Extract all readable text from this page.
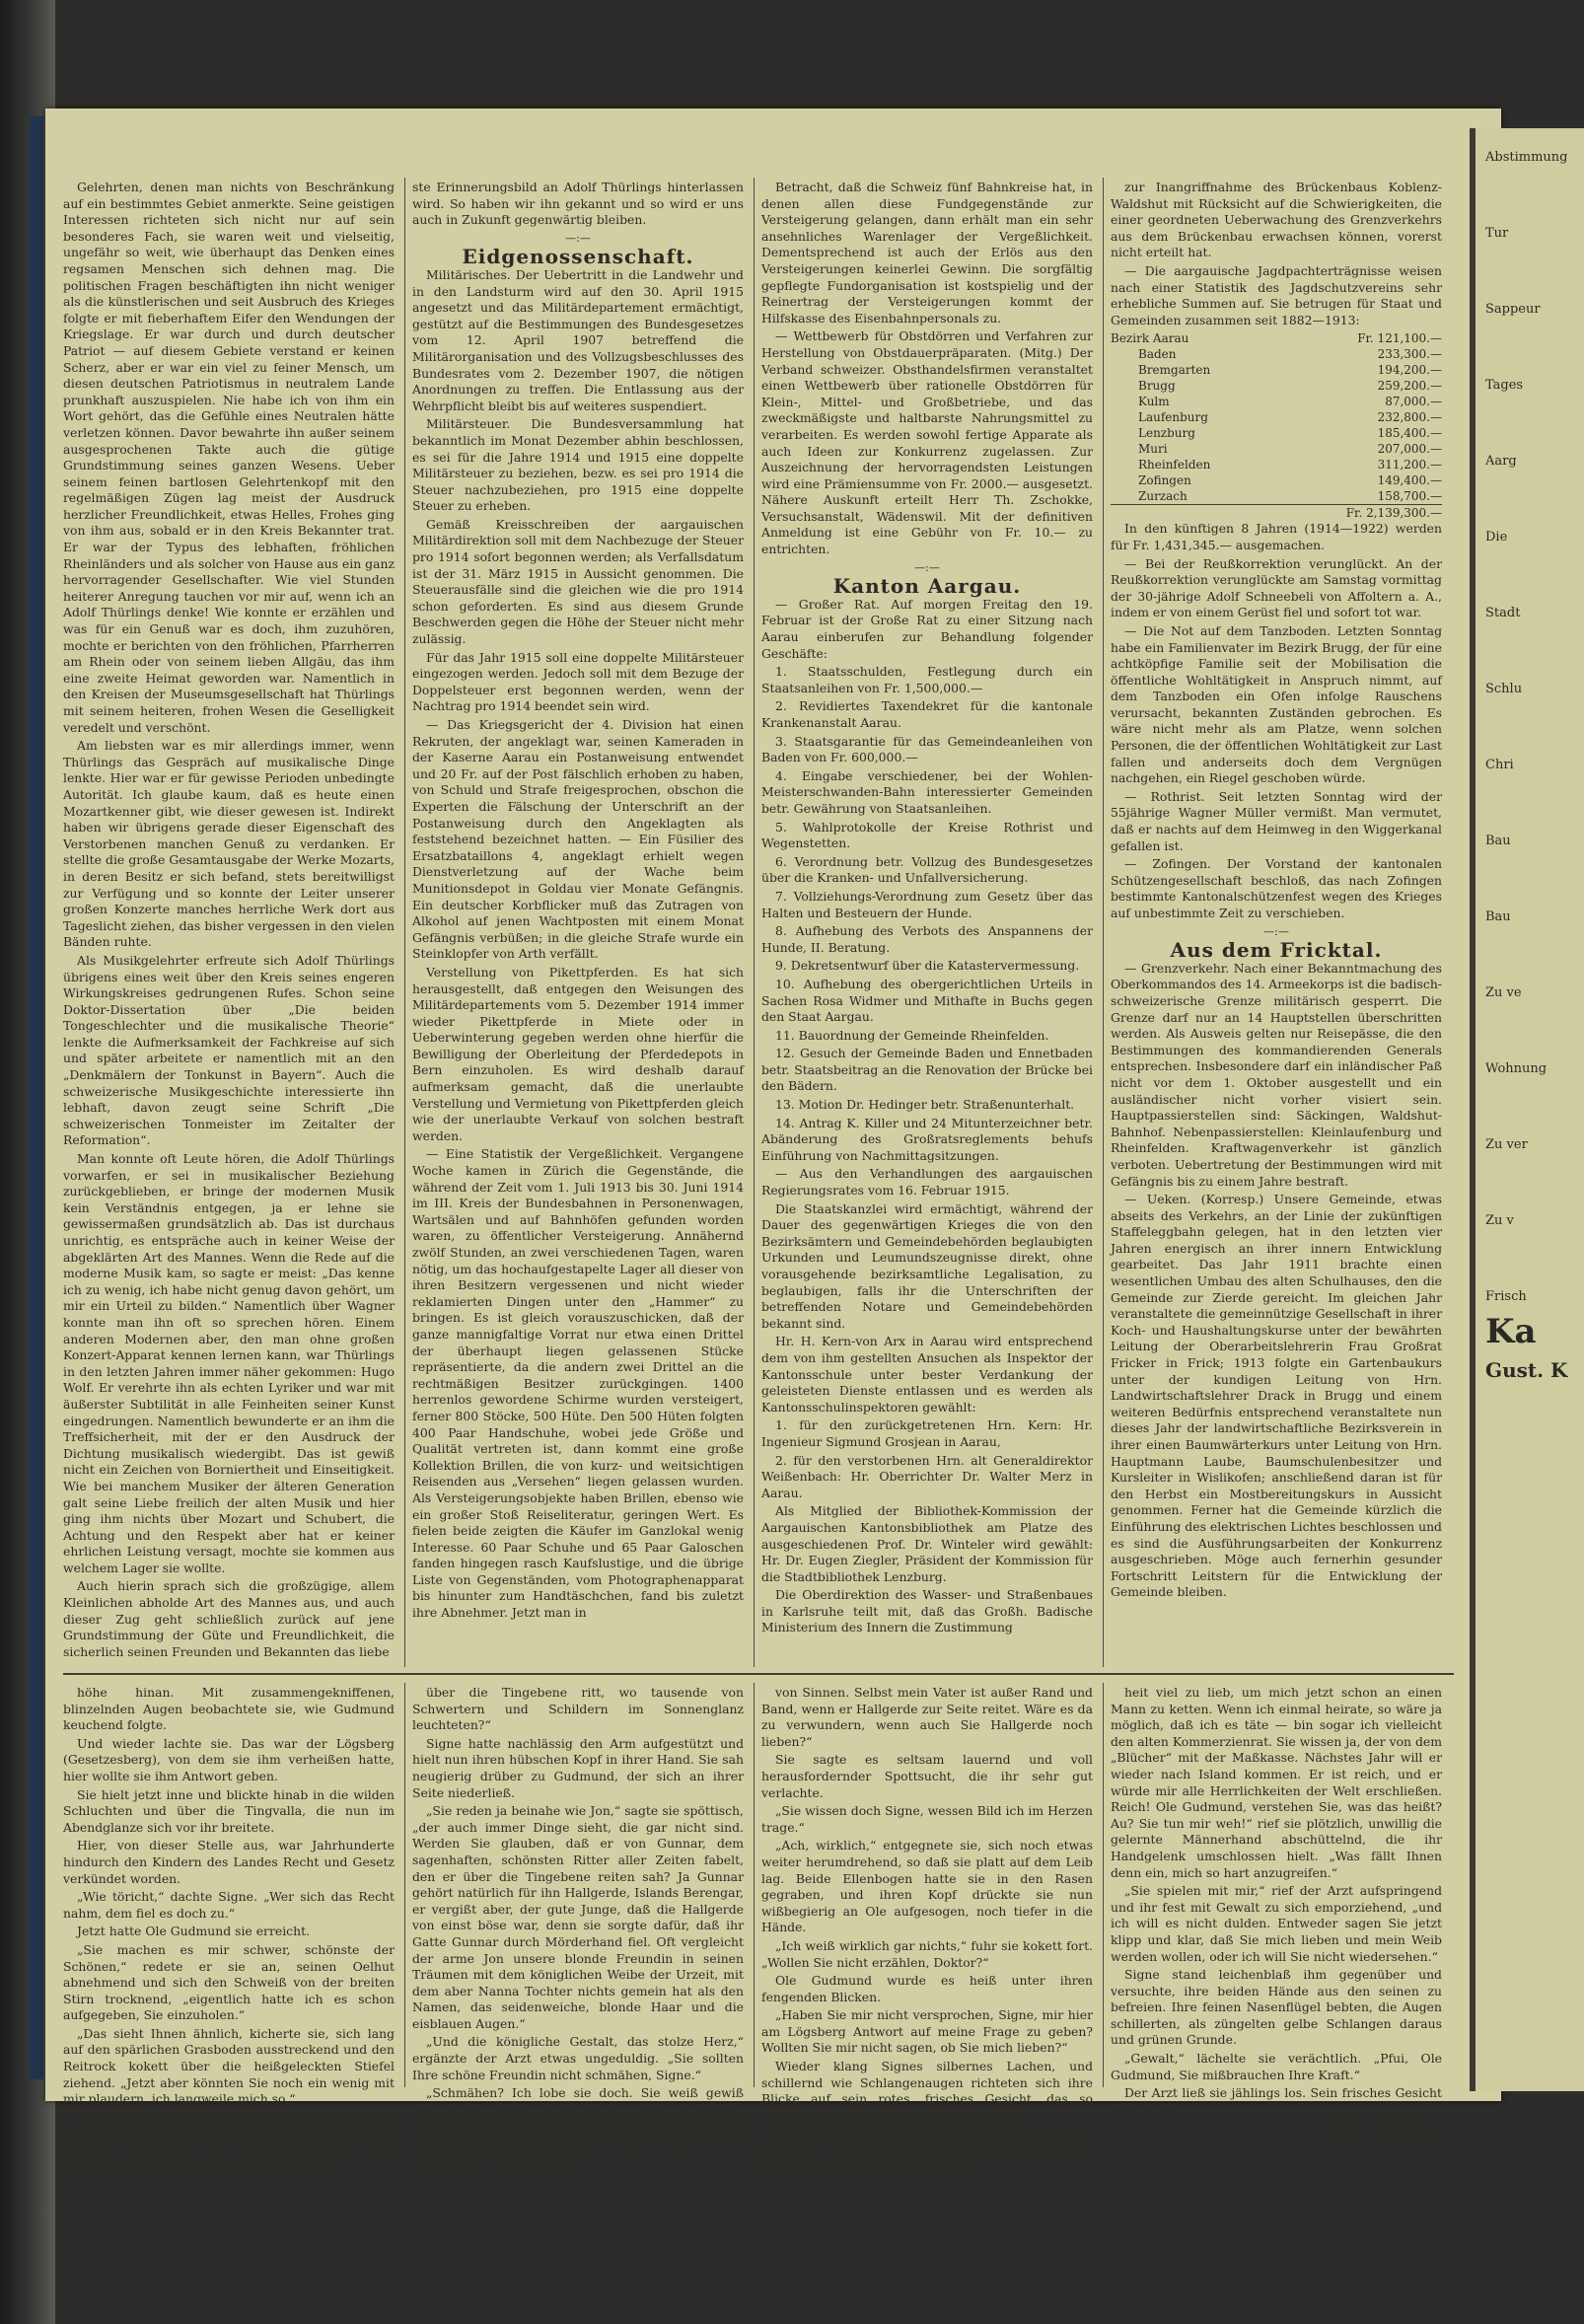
Gelehrten, denen man nichts von Beschränkung auf ein bestimmtes Gebiet anmerkte. Seine geistigen Interessen richteten sich nicht nur auf sein besonderes Fach, sie waren weit und vielseitig, ungefähr so weit, wie überhaupt das Denken eines regsamen Menschen sich dehnen mag. Die politischen Fragen beschäftigten ihn nicht weniger als die künstlerischen und seit Ausbruch des Krieges folgte er mit fieberhaftem Eifer den Wendungen der Kriegslage. Er war durch und durch deutscher Patriot — auf diesem Gebiete verstand er keinen Scherz, aber er war ein viel zu feiner Mensch, um diesen deutschen Patriotismus in neutralem Lande prunkhaft auszuspielen. Nie habe ich von ihm ein Wort gehört, das die Gefühle eines Neutralen hätte verletzen können. Davor bewahrte ihn außer seinem ausgesprochenen Takte auch die gütige Grundstimmung seines ganzen Wesens. Ueber seinem feinen bartlosen Gelehrtenkopf mit den regelmäßigen Zügen lag meist der Ausdruck herzlicher Freundlichkeit, etwas Helles, Frohes ging von ihm aus, sobald er in den Kreis Bekannter trat. Er war der Typus des lebhaften, fröhlichen Rheinländers und als solcher von Hause aus ein ganz hervorragender Gesellschafter. Wie viel Stunden heiterer Anregung tauchen vor mir auf, wenn ich an Adolf Thürlings denke! Wie konnte er erzählen und was für ein Genuß war es doch, ihm zuzuhören, mochte er berichten von den fröhlichen, Pfarrherren am Rhein oder von seinem lieben Allgäu, das ihm eine zweite Heimat geworden war. Namentlich in den Kreisen der Museumsgesellschaft hat Thürlings mit seinem heiteren, frohen Wesen die Geselligkeit veredelt und verschönt.

Am liebsten war es mir allerdings immer, wenn Thürlings das Gespräch auf musikalische Dinge lenkte. Hier war er für gewisse Perioden unbedingte Autorität. Ich glaube kaum, daß es heute einen Mozartkenner gibt, wie dieser gewesen ist. Indirekt haben wir übrigens gerade dieser Eigenschaft des Verstorbenen manchen Genuß zu verdanken. Er stellte die große Gesamtausgabe der Werke Mozarts, in deren Besitz er sich befand, stets bereitwilligst zur Verfügung und so konnte der Leiter unserer großen Konzerte manches herrliche Werk dort aus Tageslicht ziehen, das bisher vergessen in den vielen Bänden ruhte.

Als Musikgelehrter erfreute sich Adolf Thürlings übrigens eines weit über den Kreis seines engeren Wirkungskreises gedrungenen Rufes. Schon seine Doktor-Dissertation über „Die beiden Tongeschlechter und die musikalische Theorie“ lenkte die Aufmerksamkeit der Fachkreise auf sich und später arbeitete er namentlich mit an den „Denkmälern der Tonkunst in Bayern“. Auch die schweizerische Musikgeschichte interessierte ihn lebhaft, davon zeugt seine Schrift „Die schweizerischen Tonmeister im Zeitalter der Reformation“.

Man konnte oft Leute hören, die Adolf Thürlings vorwarfen, er sei in musikalischer Beziehung zurückgeblieben, er bringe der modernen Musik kein Verständnis entgegen, ja er lehne sie gewissermaßen grundsätzlich ab. Das ist durchaus unrichtig, es entspräche auch in keiner Weise der abgeklärten Art des Mannes. Wenn die Rede auf die moderne Musik kam, so sagte er meist: „Das kenne ich zu wenig, ich habe nicht genug davon gehört, um mir ein Urteil zu bilden.“ Namentlich über Wagner konnte man ihn oft so sprechen hören. Einem anderen Modernen aber, den man ohne großen Konzert-Apparat kennen lernen kann, war Thürlings in den letzten Jahren immer näher gekommen: Hugo Wolf. Er verehrte ihn als echten Lyriker und war mit äußerster Subtilität in alle Feinheiten seiner Kunst eingedrungen. Namentlich bewunderte er an ihm die Treffsicherheit, mit der er den Ausdruck der Dichtung musikalisch wiedergibt. Das ist gewiß nicht ein Zeichen von Borniertheit und Einseitigkeit. Wie bei manchem Musiker der älteren Generation galt seine Liebe freilich der alten Musik und hier ging ihm nichts über Mozart und Schubert, die Achtung und den Respekt aber hat er keiner ehrlichen Leistung versagt, mochte sie kommen aus welchem Lager sie wollte.

Auch hierin sprach sich die großzügige, allem Kleinlichen abholde Art des Mannes aus, und auch dieser Zug geht schließlich zurück auf jene Grundstimmung der Güte und Freundlichkeit, die sicherlich seinen Freunden und Bekannten das liebe

ste Erinnerungsbild an Adolf Thürlings hinterlassen wird. So haben wir ihn gekannt und so wird er uns auch in Zukunft gegenwärtig bleiben.

—:—

Eidgenossenschaft.

Militärisches. Der Uebertritt in die Landwehr und in den Landsturm wird auf den 30. April 1915 angesetzt und das Militärdepartement ermächtigt, gestützt auf die Bestimmungen des Bundesgesetzes vom 12. April 1907 betreffend die Militärorganisation und des Vollzugsbeschlusses des Bundesrates vom 2. Dezember 1907, die nötigen Anordnungen zu treffen. Die Entlassung aus der Wehrpflicht bleibt bis auf weiteres suspendiert.

Militärsteuer. Die Bundesversammlung hat bekanntlich im Monat Dezember abhin beschlossen, es sei für die Jahre 1914 und 1915 eine doppelte Militärsteuer zu beziehen, bezw. es sei pro 1914 die Steuer nachzubeziehen, pro 1915 eine doppelte Steuer zu erheben.

Gemäß Kreisschreiben der aargauischen Militärdirektion soll mit dem Nachbezuge der Steuer pro 1914 sofort begonnen werden; als Verfallsdatum ist der 31. März 1915 in Aussicht genommen. Die Steuerausfälle sind die gleichen wie die pro 1914 schon geforderten. Es sind aus diesem Grunde Beschwerden gegen die Höhe der Steuer nicht mehr zulässig.

Für das Jahr 1915 soll eine doppelte Militärsteuer eingezogen werden. Jedoch soll mit dem Bezuge der Doppelsteuer erst begonnen werden, wenn der Nachtrag pro 1914 beendet sein wird.

— Das Kriegsgericht der 4. Division hat einen Rekruten, der angeklagt war, seinen Kameraden in der Kaserne Aarau ein Postanweisung entwendet und 20 Fr. auf der Post fälschlich erhoben zu haben, von Schuld und Strafe freigesprochen, obschon die Experten die Fälschung der Unterschrift an der Postanweisung durch den Angeklagten als feststehend bezeichnet hatten. — Ein Füsilier des Ersatzbataillons 4, angeklagt erhielt wegen Dienstverletzung auf der Wache beim Munitionsdepot in Goldau vier Monate Gefängnis. Ein deutscher Korbflicker muß das Zutragen von Alkohol auf jenen Wachtposten mit einem Monat Gefängnis verbüßen; in die gleiche Strafe wurde ein Steinklopfer von Arth verfällt.

Verstellung von Pikettpferden. Es hat sich herausgestellt, daß entgegen den Weisungen des Militärdepartements vom 5. Dezember 1914 immer wieder Pikettpferde in Miete oder in Ueberwinterung gegeben werden ohne hierfür die Bewilligung der Oberleitung der Pferdedepots in Bern einzuholen. Es wird deshalb darauf aufmerksam gemacht, daß die unerlaubte Verstellung und Vermietung von Pikettpferden gleich wie der unerlaubte Verkauf von solchen bestraft werden.

— Eine Statistik der Vergeßlichkeit. Vergangene Woche kamen in Zürich die Gegenstände, die während der Zeit vom 1. Juli 1913 bis 30. Juni 1914 im III. Kreis der Bundesbahnen in Personenwagen, Wartsälen und auf Bahnhöfen gefunden worden waren, zu öffentlicher Versteigerung. Annähernd zwölf Stunden, an zwei verschiedenen Tagen, waren nötig, um das hochaufgestapelte Lager all dieser von ihren Besitzern vergessenen und nicht wieder reklamierten Dingen unter den „Hammer“ zu bringen. Es ist gleich vorauszuschicken, daß der ganze mannigfaltige Vorrat nur etwa einen Drittel der überhaupt liegen gelassenen Stücke repräsentierte, da die andern zwei Drittel an die rechtmäßigen Besitzer zurückgingen. 1400 herrenlos gewordene Schirme wurden versteigert, ferner 800 Stöcke, 500 Hüte. Den 500 Hüten folgten 400 Paar Handschuhe, wobei jede Größe und Qualität vertreten ist, dann kommt eine große Kollektion Brillen, die von kurz- und weitsichtigen Reisenden aus „Versehen“ liegen gelassen wurden. Als Versteigerungsobjekte haben Brillen, ebenso wie ein großer Stoß Reiseliteratur, geringen Wert. Es fielen beide zeigten die Käufer im Ganzlokal wenig Interesse. 60 Paar Schuhe und 65 Paar Galoschen fanden hingegen rasch Kaufslustige, und die übrige Liste von Gegenständen, vom Photographenapparat bis hinunter zum Handtäschchen, fand bis zuletzt ihre Abnehmer. Jetzt man in

Betracht, daß die Schweiz fünf Bahnkreise hat, in denen allen diese Fundgegenstände zur Versteigerung gelangen, dann erhält man ein sehr ansehnliches Warenlager der Vergeßlichkeit. Dementsprechend ist auch der Erlös aus den Versteigerungen keinerlei Gewinn. Die sorgfältig gepflegte Fundorganisation ist kostspielig und der Reinertrag der Versteigerungen kommt der Hilfskasse des Eisenbahnpersonals zu.

— Wettbewerb für Obstdörren und Verfahren zur Herstellung von Obstdauerpräparaten. (Mitg.) Der Verband schweizer. Obsthandelsfirmen veranstaltet einen Wettbewerb über rationelle Obstdörren für Klein-, Mittel- und Großbetriebe, und das zweckmäßigste und haltbarste Nahrungsmittel zu verarbeiten. Es werden sowohl fertige Apparate als auch Ideen zur Konkurrenz zugelassen. Zur Auszeichnung der hervorragendsten Leistungen wird eine Prämiensumme von Fr. 2000.— ausgesetzt. Nähere Auskunft erteilt Herr Th. Zschokke, Versuchsanstalt, Wädenswil. Mit der definitiven Anmeldung ist eine Gebühr von Fr. 10.— zu entrichten.

—:—

Kanton Aargau.

— Großer Rat. Auf morgen Freitag den 19. Februar ist der Große Rat zu einer Sitzung nach Aarau einberufen zur Behandlung folgender Geschäfte:

1. Staatsschulden, Festlegung durch ein Staatsanleihen von Fr. 1,500,000.—

2. Revidiertes Taxendekret für die kantonale Krankenanstalt Aarau.

3. Staatsgarantie für das Gemeindeanleihen von Baden von Fr. 600,000.—

4. Eingabe verschiedener, bei der Wohlen-Meisterschwanden-Bahn interessierter Gemeinden betr. Gewährung von Staatsanleihen.

5. Wahlprotokolle der Kreise Rothrist und Wegenstetten.

6. Verordnung betr. Vollzug des Bundesgesetzes über die Kranken- und Unfallversicherung.

7. Vollziehungs-Verordnung zum Gesetz über das Halten und Besteuern der Hunde.

8. Aufhebung des Verbots des Anspannens der Hunde, II. Beratung.

9. Dekretsentwurf über die Katastervermessung.

10. Aufhebung des obergerichtlichen Urteils in Sachen Rosa Widmer und Mithafte in Buchs gegen den Staat Aargau.

11. Bauordnung der Gemeinde Rheinfelden.

12. Gesuch der Gemeinde Baden und Ennetbaden betr. Staatsbeitrag an die Renovation der Brücke bei den Bädern.

13. Motion Dr. Hedinger betr. Straßenunterhalt.

14. Antrag K. Killer und 24 Mitunterzeichner betr. Abänderung des Großratsreglements behufs Einführung von Nachmittagsitzungen.

— Aus den Verhandlungen des aargauischen Regierungsrates vom 16. Februar 1915.

Die Staatskanzlei wird ermächtigt, während der Dauer des gegenwärtigen Krieges die von den Bezirksämtern und Gemeindebehörden beglaubigten Urkunden und Leumundszeugnisse direkt, ohne vorausgehende bezirksamtliche Legalisation, zu beglaubigen, falls ihr die Unterschriften der betreffenden Notare und Gemeindebehörden bekannt sind.

Hr. H. Kern-von Arx in Aarau wird entsprechend dem von ihm gestellten Ansuchen als Inspektor der Kantonsschule unter bester Verdankung der geleisteten Dienste entlassen und es werden als Kantonsschulinspektoren gewählt:

1. für den zurückgetretenen Hrn. Kern: Hr. Ingenieur Sigmund Grosjean in Aarau,

2. für den verstorbenen Hrn. alt Generaldirektor Weißenbach: Hr. Oberrichter Dr. Walter Merz in Aarau.

Als Mitglied der Bibliothek-Kommission der Aargauischen Kantonsbibliothek am Platze des ausgeschiedenen Prof. Dr. Winteler wird gewählt: Hr. Dr. Eugen Ziegler, Präsident der Kommission für die Stadtbibliothek Lenzburg.

Die Oberdirektion des Wasser- und Straßenbaues in Karlsruhe teilt mit, daß das Großh. Badische Ministerium des Innern die Zustimmung

zur Inangriffnahme des Brückenbaus Koblenz-Waldshut mit Rücksicht auf die Schwierigkeiten, die einer geordneten Ueberwachung des Grenzverkehrs aus dem Brückenbau erwachsen können, vorerst nicht erteilt hat.

— Die aargauische Jagdpachterträgnisse weisen nach einer Statistik des Jagdschutzvereins sehr erhebliche Summen auf. Sie betrugen für Staat und Gemeinden zusammen seit 1882—1913:

Bezirk Aarau	Fr. 121,100.—
Baden	233,300.—
Bremgarten	194,200.—
Brugg	259,200.—
Kulm	87,000.—
Laufenburg	232,800.—
Lenzburg	185,400.—
Muri	207,000.—
Rheinfelden	311,200.—
Zofingen	149,400.—
Zurzach	158,700.—
Fr. 2,139,300.—

In den künftigen 8 Jahren (1914—1922) werden für Fr. 1,431,345.— ausgemachen.

— Bei der Reußkorrektion verunglückt. An der Reußkorrektion verunglückte am Samstag vormittag der 30-jährige Adolf Schneebeli von Affoltern a. A., indem er von einem Gerüst fiel und sofort tot war.

— Die Not auf dem Tanzboden. Letzten Sonntag habe ein Familienvater im Bezirk Brugg, der für eine achtköpfige Familie seit der Mobilisation die öffentliche Wohltätigkeit in Anspruch nimmt, auf dem Tanzboden ein Ofen infolge Rauschens verursacht, bekannten Zuständen gebrochen. Es wäre nicht mehr als am Platze, wenn solchen Personen, die der öffentlichen Wohltätigkeit zur Last fallen und anderseits doch dem Vergnügen nachgehen, ein Riegel geschoben würde.

— Rothrist. Seit letzten Sonntag wird der 55jährige Wagner Müller vermißt. Man vermutet, daß er nachts auf dem Heimweg in den Wiggerkanal gefallen ist.

— Zofingen. Der Vorstand der kantonalen Schützengesellschaft beschloß, das nach Zofingen bestimmte Kantonalschützenfest wegen des Krieges auf unbestimmte Zeit zu verschieben.

—:—

Aus dem Fricktal.

— Grenzverkehr. Nach einer Bekanntmachung des Oberkommandos des 14. Armeekorps ist die badisch-schweizerische Grenze militärisch gesperrt. Die Grenze darf nur an 14 Hauptstellen überschritten werden. Als Ausweis gelten nur Reisepässe, die den Bestimmungen des kommandierenden Generals entsprechen. Insbesondere darf ein inländischer Paß nicht vor dem 1. Oktober ausgestellt und ein ausländischer nicht vorher visiert sein. Hauptpassierstellen sind: Säckingen, Waldshut-Bahnhof. Nebenpassierstellen: Kleinlaufenburg und Rheinfelden. Kraftwagenverkehr ist gänzlich verboten. Uebertretung der Bestimmungen wird mit Gefängnis bis zu einem Jahre bestraft.

— Ueken. (Korresp.) Unsere Gemeinde, etwas abseits des Verkehrs, an der Linie der zukünftigen Staffeleggbahn gelegen, hat in den letzten vier Jahren energisch an ihrer innern Entwicklung gearbeitet. Das Jahr 1911 brachte einen wesentlichen Umbau des alten Schulhauses, den die Gemeinde zur Zierde gereicht. Im gleichen Jahr veranstaltete die gemeinnützige Gesellschaft in ihrer Koch- und Haushaltungskurse unter der bewährten Leitung der Oberarbeitslehrerin Frau Großrat Fricker in Frick; 1913 folgte ein Gartenbaukurs unter der kundigen Leitung von Hrn. Landwirtschaftslehrer Drack in Brugg und einem weiteren Bedürfnis entsprechend veranstaltete nun dieses Jahr der landwirtschaftliche Bezirksverein in ihrer einen Baumwärterkurs unter Leitung von Hrn. Hauptmann Laube, Baumschulenbesitzer und Kursleiter in Wislikofen; anschließend daran ist für den Herbst ein Mostbereitungskurs in Aussicht genommen. Ferner hat die Gemeinde kürzlich die Einführung des elektrischen Lichtes beschlossen und es sind die Ausführungsarbeiten der Konkurrenz ausgeschrieben. Möge auch fernerhin gesunder Fortschritt Leitstern für die Entwicklung der Gemeinde bleiben.

höhe hinan. Mit zusammengekniffenen, blinzelnden Augen beobachtete sie, wie Gudmund keuchend folgte.

Und wieder lachte sie. Das war der Lögsberg (Gesetzesberg), von dem sie ihm verheißen hatte, hier wollte sie ihm Antwort geben.

Sie hielt jetzt inne und blickte hinab in die wilden Schluchten und über die Tingvalla, die nun im Abendglanze sich vor ihr breitete.

Hier, von dieser Stelle aus, war Jahrhunderte hindurch den Kindern des Landes Recht und Gesetz verkündet worden.

„Wie töricht,“ dachte Signe. „Wer sich das Recht nahm, dem fiel es doch zu.“

Jetzt hatte Ole Gudmund sie erreicht.

„Sie machen es mir schwer, schönste der Schönen,“ redete er sie an, seinen Oelhut abnehmend und sich den Schweiß von der breiten Stirn trocknend, „eigentlich hatte ich es schon aufgegeben, Sie einzuholen.“

„Das sieht Ihnen ähnlich, kicherte sie, sich lang auf den spärlichen Grasboden ausstreckend und den Reitrock kokett über die heißgeleckten Stiefel ziehend. „Jetzt aber könnten Sie noch ein wenig mit mir plaudern, ich langweile mich so.“

„Hier!“ fragte Ole Gudmund erstaunt, „hier, wo jeder Stein redet? Hier, wo ein Njal, der Seher, zu Gericht saß, wo ein herrschsüchtiges Weib Bergthora auf ihrem goldflammenden Pferde

über die Tingebene ritt, wo tausende von Schwertern und Schildern im Sonnenglanz leuchteten?“

Signe hatte nachlässig den Arm aufgestützt und hielt nun ihren hübschen Kopf in ihrer Hand. Sie sah neugierig drüber zu Gudmund, der sich an ihrer Seite niederließ.

„Sie reden ja beinahe wie Jon,“ sagte sie spöttisch, „der auch immer Dinge sieht, die gar nicht sind. Werden Sie glauben, daß er von Gunnar, dem sagenhaften, schönsten Ritter aller Zeiten fabelt, den er über die Tingebene reiten sah? Ja Gunnar gehört natürlich für ihn Hallgerde, Islands Berengar, er vergißt aber, der gute Junge, daß die Hallgerde von einst böse war, denn sie sorgte dafür, daß ihr Gatte Gunnar durch Mörderhand fiel. Oft vergleicht der arme Jon unsere blonde Freundin in seinen Träumen mit dem königlichen Weibe der Urzeit, mit dem aber Nanna Tochter nichts gemein hat als den Namen, das seidenweiche, blonde Haar und die eisblauen Augen.“

„Und die königliche Gestalt, das stolze Herz,“ ergänzte der Arzt etwas ungeduldig. „Sie sollten Ihre schöne Freundin nicht schmähen, Signe.“

„Schmähen? Ich lobe sie doch. Sie weiß gewiß auch schon wieder in sie vergafft, wie die Männer alle. Der Kapitän, das alte Ekel, läuft ihr auf Schritt und Tritt nach, die Studenten schielen begehrlich zu ihr herüber, und Jon ist wie

von Sinnen. Selbst mein Vater ist außer Rand und Band, wenn er Hallgerde zur Seite reitet. Wäre es da zu verwundern, wenn auch Sie Hallgerde noch lieben?“

Sie sagte es seltsam lauernd und voll herausfordernder Spottsucht, die ihr sehr gut verlachte.

„Sie wissen doch Signe, wessen Bild ich im Herzen trage.“

„Ach, wirklich,“ entgegnete sie, sich noch etwas weiter herumdrehend, so daß sie platt auf dem Leib lag. Beide Ellenbogen hatte sie in den Rasen gegraben, und ihren Kopf drückte sie nun wißbegierig an Ole aufgesogen, noch tiefer in die Hände.

„Ich weiß wirklich gar nichts,“ fuhr sie kokett fort. „Wollen Sie nicht erzählen, Doktor?“

Ole Gudmund wurde es heiß unter ihren fengenden Blicken.

„Haben Sie mir nicht versprochen, Signe, mir hier am Lögsberg Antwort auf meine Frage zu geben? Wollten Sie mir nicht sagen, ob Sie mich lieben?“

Wieder klang Signes silbernes Lachen, und schillernd wie Schlangenaugen richteten sich ihre Blicke auf sein rotes, frisches Gesicht, das so treuherzig und gespannt zu ihr herübersah.

„Sie können mir leid tun, Ole Gudmund, wenn Sie alles das, was törichte Mädchen schwatzen für bare Münze nehmen. Mir ist meine Frei-

heit viel zu lieb, um mich jetzt schon an einen Mann zu ketten. Wenn ich einmal heirate, so wäre ja möglich, daß ich es täte — bin sogar ich vielleicht den alten Kommerzienrat. Sie wissen ja, der von dem „Blücher“ mit der Maßkasse. Nächstes Jahr will er wieder nach Island kommen. Er ist reich, und er würde mir alle Herrlichkeiten der Welt erschließen. Reich! Ole Gudmund, verstehen Sie, was das heißt? Au? Sie tun mir weh!“ rief sie plötzlich, unwillig die gelernte Männerhand abschüttelnd, die ihr Handgelenk umschlossen hielt. „Was fällt Ihnen denn ein, mich so hart anzugreifen.“

„Sie spielen mit mir,“ rief der Arzt aufspringend und ihr fest mit Gewalt zu sich emporziehend, „und ich will es nicht dulden. Entweder sagen Sie jetzt klipp und klar, daß Sie mich lieben und mein Weib werden wollen, oder ich will Sie nicht wiedersehen.“

Signe stand leichenblaß ihm gegenüber und versuchte, ihre beiden Hände aus den seinen zu befreien. Ihre feinen Nasenflügel bebten, die Augen schillerten, als züngelten gelbe Schlangen daraus und grünen Grunde.

„Gewalt,“ lächelte sie verächtlich. „Pfui, Ole Gudmund, Sie mißbrauchen Ihre Kraft.“

Der Arzt ließ sie jählings los. Sein frisches Gesicht ward erblaßt.

(Fortsetzung folgt.)

Abstimmung
Tur
Sappeur
Tages
Aarg
Die
Stadt
Schlu
Chri
Bau
Bau
Zu ve
Wohnung
Zu ver
Zu v
Frisch
Ka
Gust. K
